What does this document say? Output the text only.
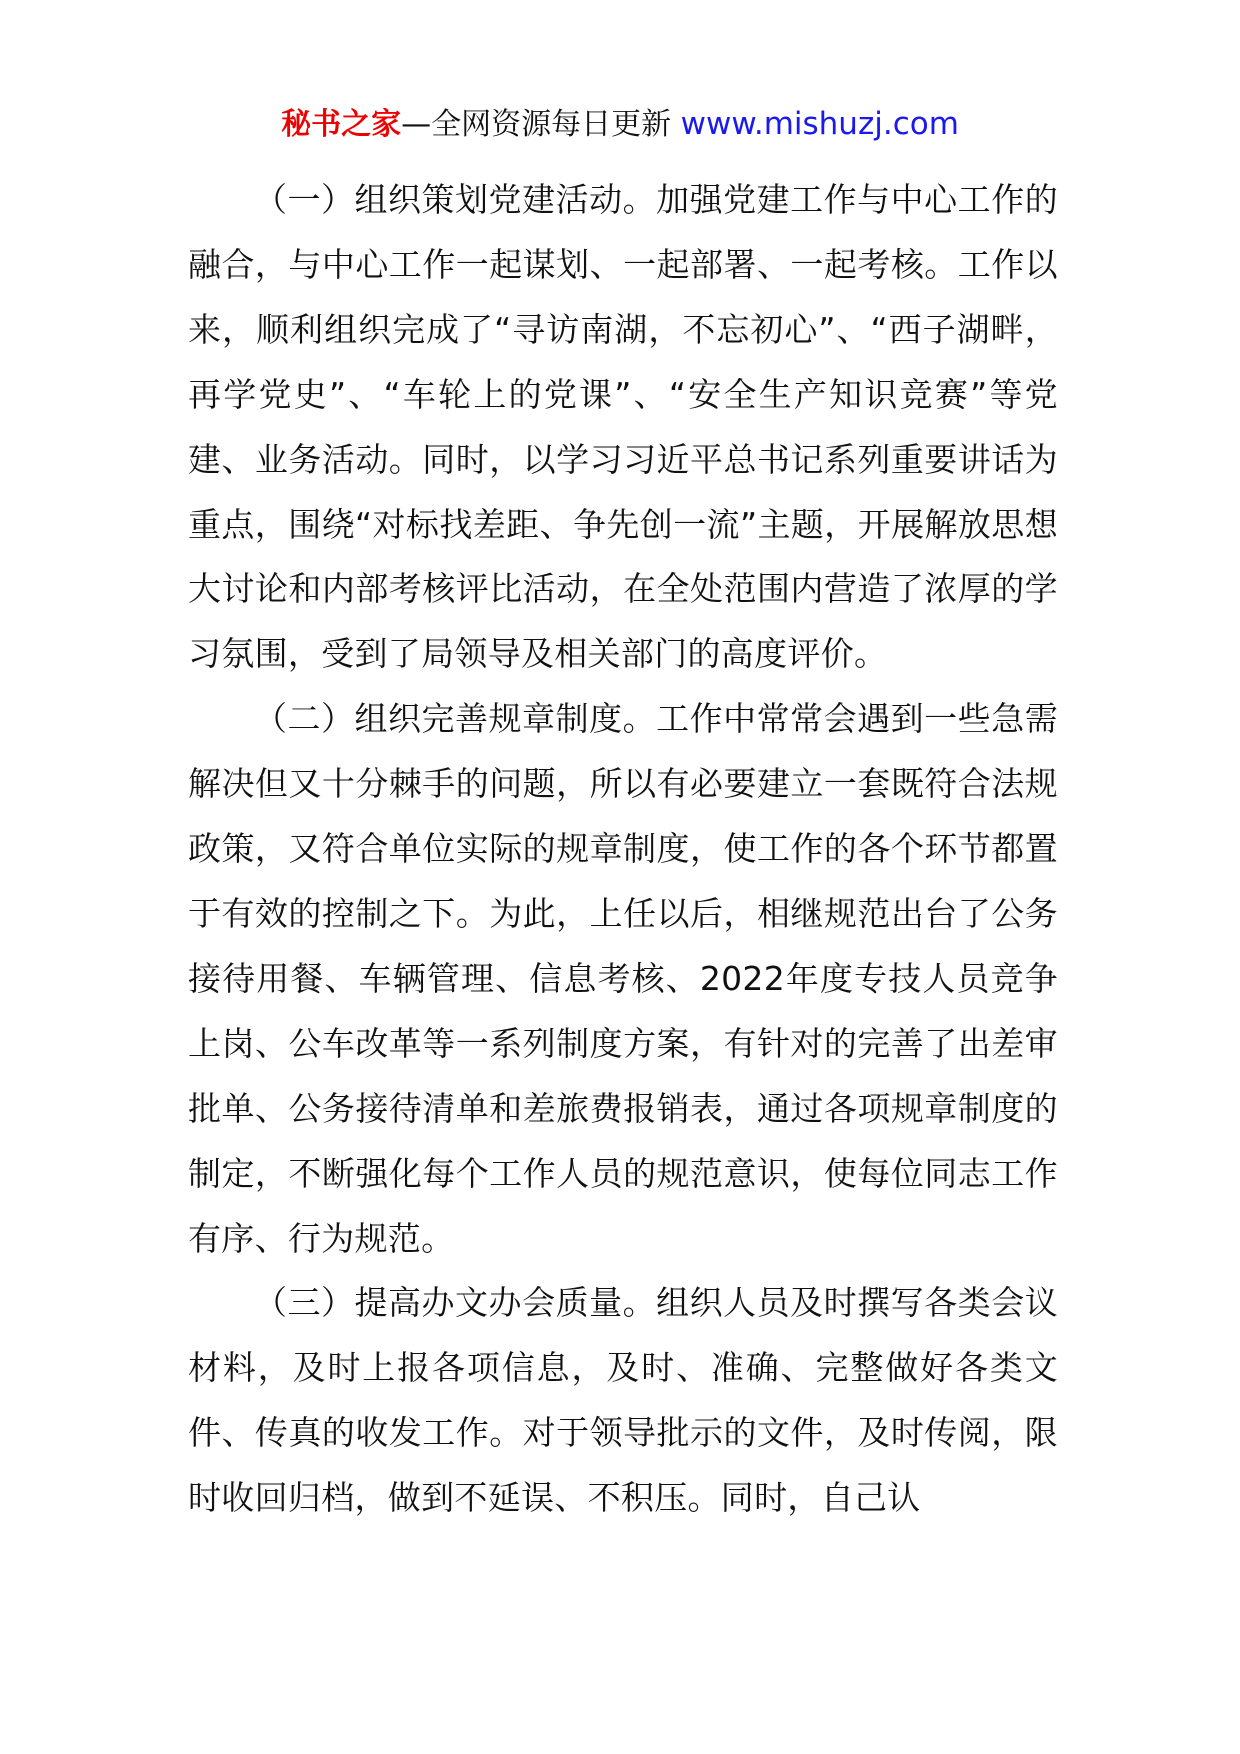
秘书之家—全网资源每日更新 www.mishuzj.com

（一）组织策划党建活动。加强党建工作与中心工作的融合，与中心工作一起谋划、一起部署、一起考核。工作以来，顺利组织完成了“寻访南湖，不忘初心”、“西子湖畔，再学党史”、“车轮上的党课”、“安全生产知识竞赛”等党建、业务活动。同时，以学习习近平总书记系列重要讲话为重点，围绕“对标找差距、争先创一流”主题，开展解放思想大讨论和内部考核评比活动，在全处范围内营造了浓厚的学习氛围，受到了局领导及相关部门的高度评价。

（二）组织完善规章制度。工作中常常会遇到一些急需解决但又十分棘手的问题，所以有必要建立一套既符合法规政策，又符合单位实际的规章制度，使工作的各个环节都置于有效的控制之下。为此，上任以后，相继规范出台了公务接待用餐、车辆管理、信息考核、2022年度专技人员竞争上岗、公车改革等一系列制度方案，有针对的完善了出差审批单、公务接待清单和差旅费报销表，通过各项规章制度的制定，不断强化每个工作人员的规范意识，使每位同志工作有序、行为规范。

（三）提高办文办会质量。组织人员及时撰写各类会议材料，及时上报各项信息，及时、准确、完整做好各类文件、传真的收发工作。对于领导批示的文件，及时传阅，限时收回归档，做到不延误、不积压。同时，自己认
